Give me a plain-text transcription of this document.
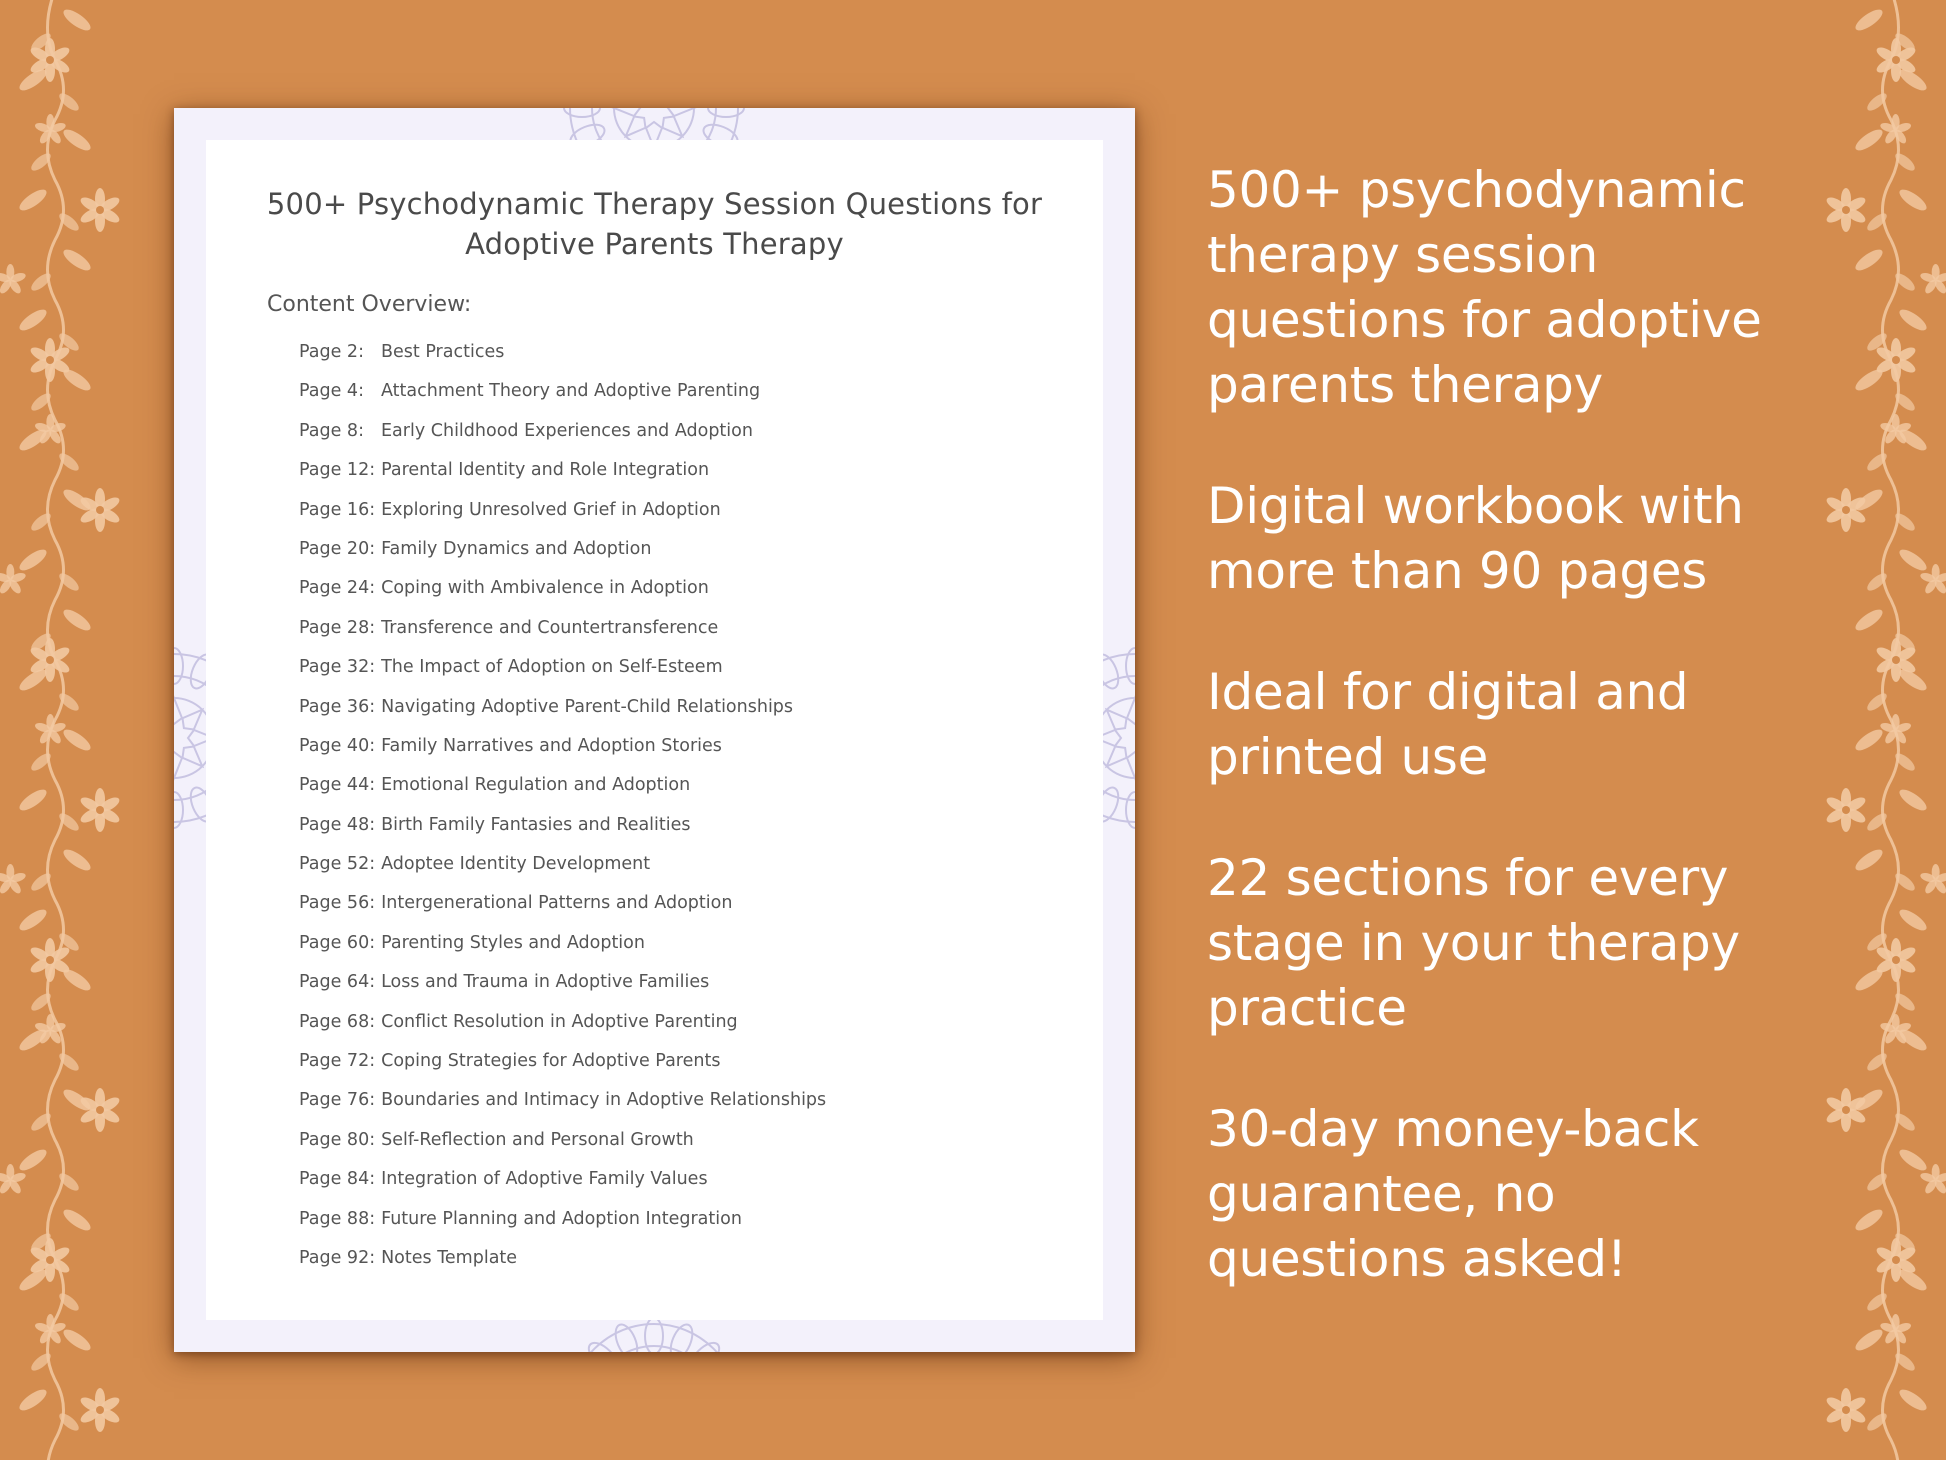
500+ Psychodynamic Therapy Session Questions for
Adoptive Parents Therapy
Content Overview:
Page 2: Best Practices
Page 4: Attachment Theory and Adoptive Parenting
Page 8: Early Childhood Experiences and Adoption
Page 12: Parental Identity and Role Integration
Page 16: Exploring Unresolved Grief in Adoption
Page 20: Family Dynamics and Adoption
Page 24: Coping with Ambivalence in Adoption
Page 28: Transference and Countertransference
Page 32: The Impact of Adoption on Self-Esteem
Page 36: Navigating Adoptive Parent-Child Relationships
Page 40: Family Narratives and Adoption Stories
Page 44: Emotional Regulation and Adoption
Page 48: Birth Family Fantasies and Realities
Page 52: Adoptee Identity Development
Page 56: Intergenerational Patterns and Adoption
Page 60: Parenting Styles and Adoption
Page 64: Loss and Trauma in Adoptive Families
Page 68: Conflict Resolution in Adoptive Parenting
Page 72: Coping Strategies for Adoptive Parents
Page 76: Boundaries and Intimacy in Adoptive Relationships
Page 80: Self-Reflection and Personal Growth
Page 84: Integration of Adoptive Family Values
Page 88: Future Planning and Adoption Integration
Page 92: Notes Template
500+ psychodynamic
therapy session
questions for adoptive
parents therapy
Digital workbook with
more than 90 pages
Ideal for digital and
printed use
22 sections for every
stage in your therapy
practice
30-day money-back
guarantee, no
questions asked!
